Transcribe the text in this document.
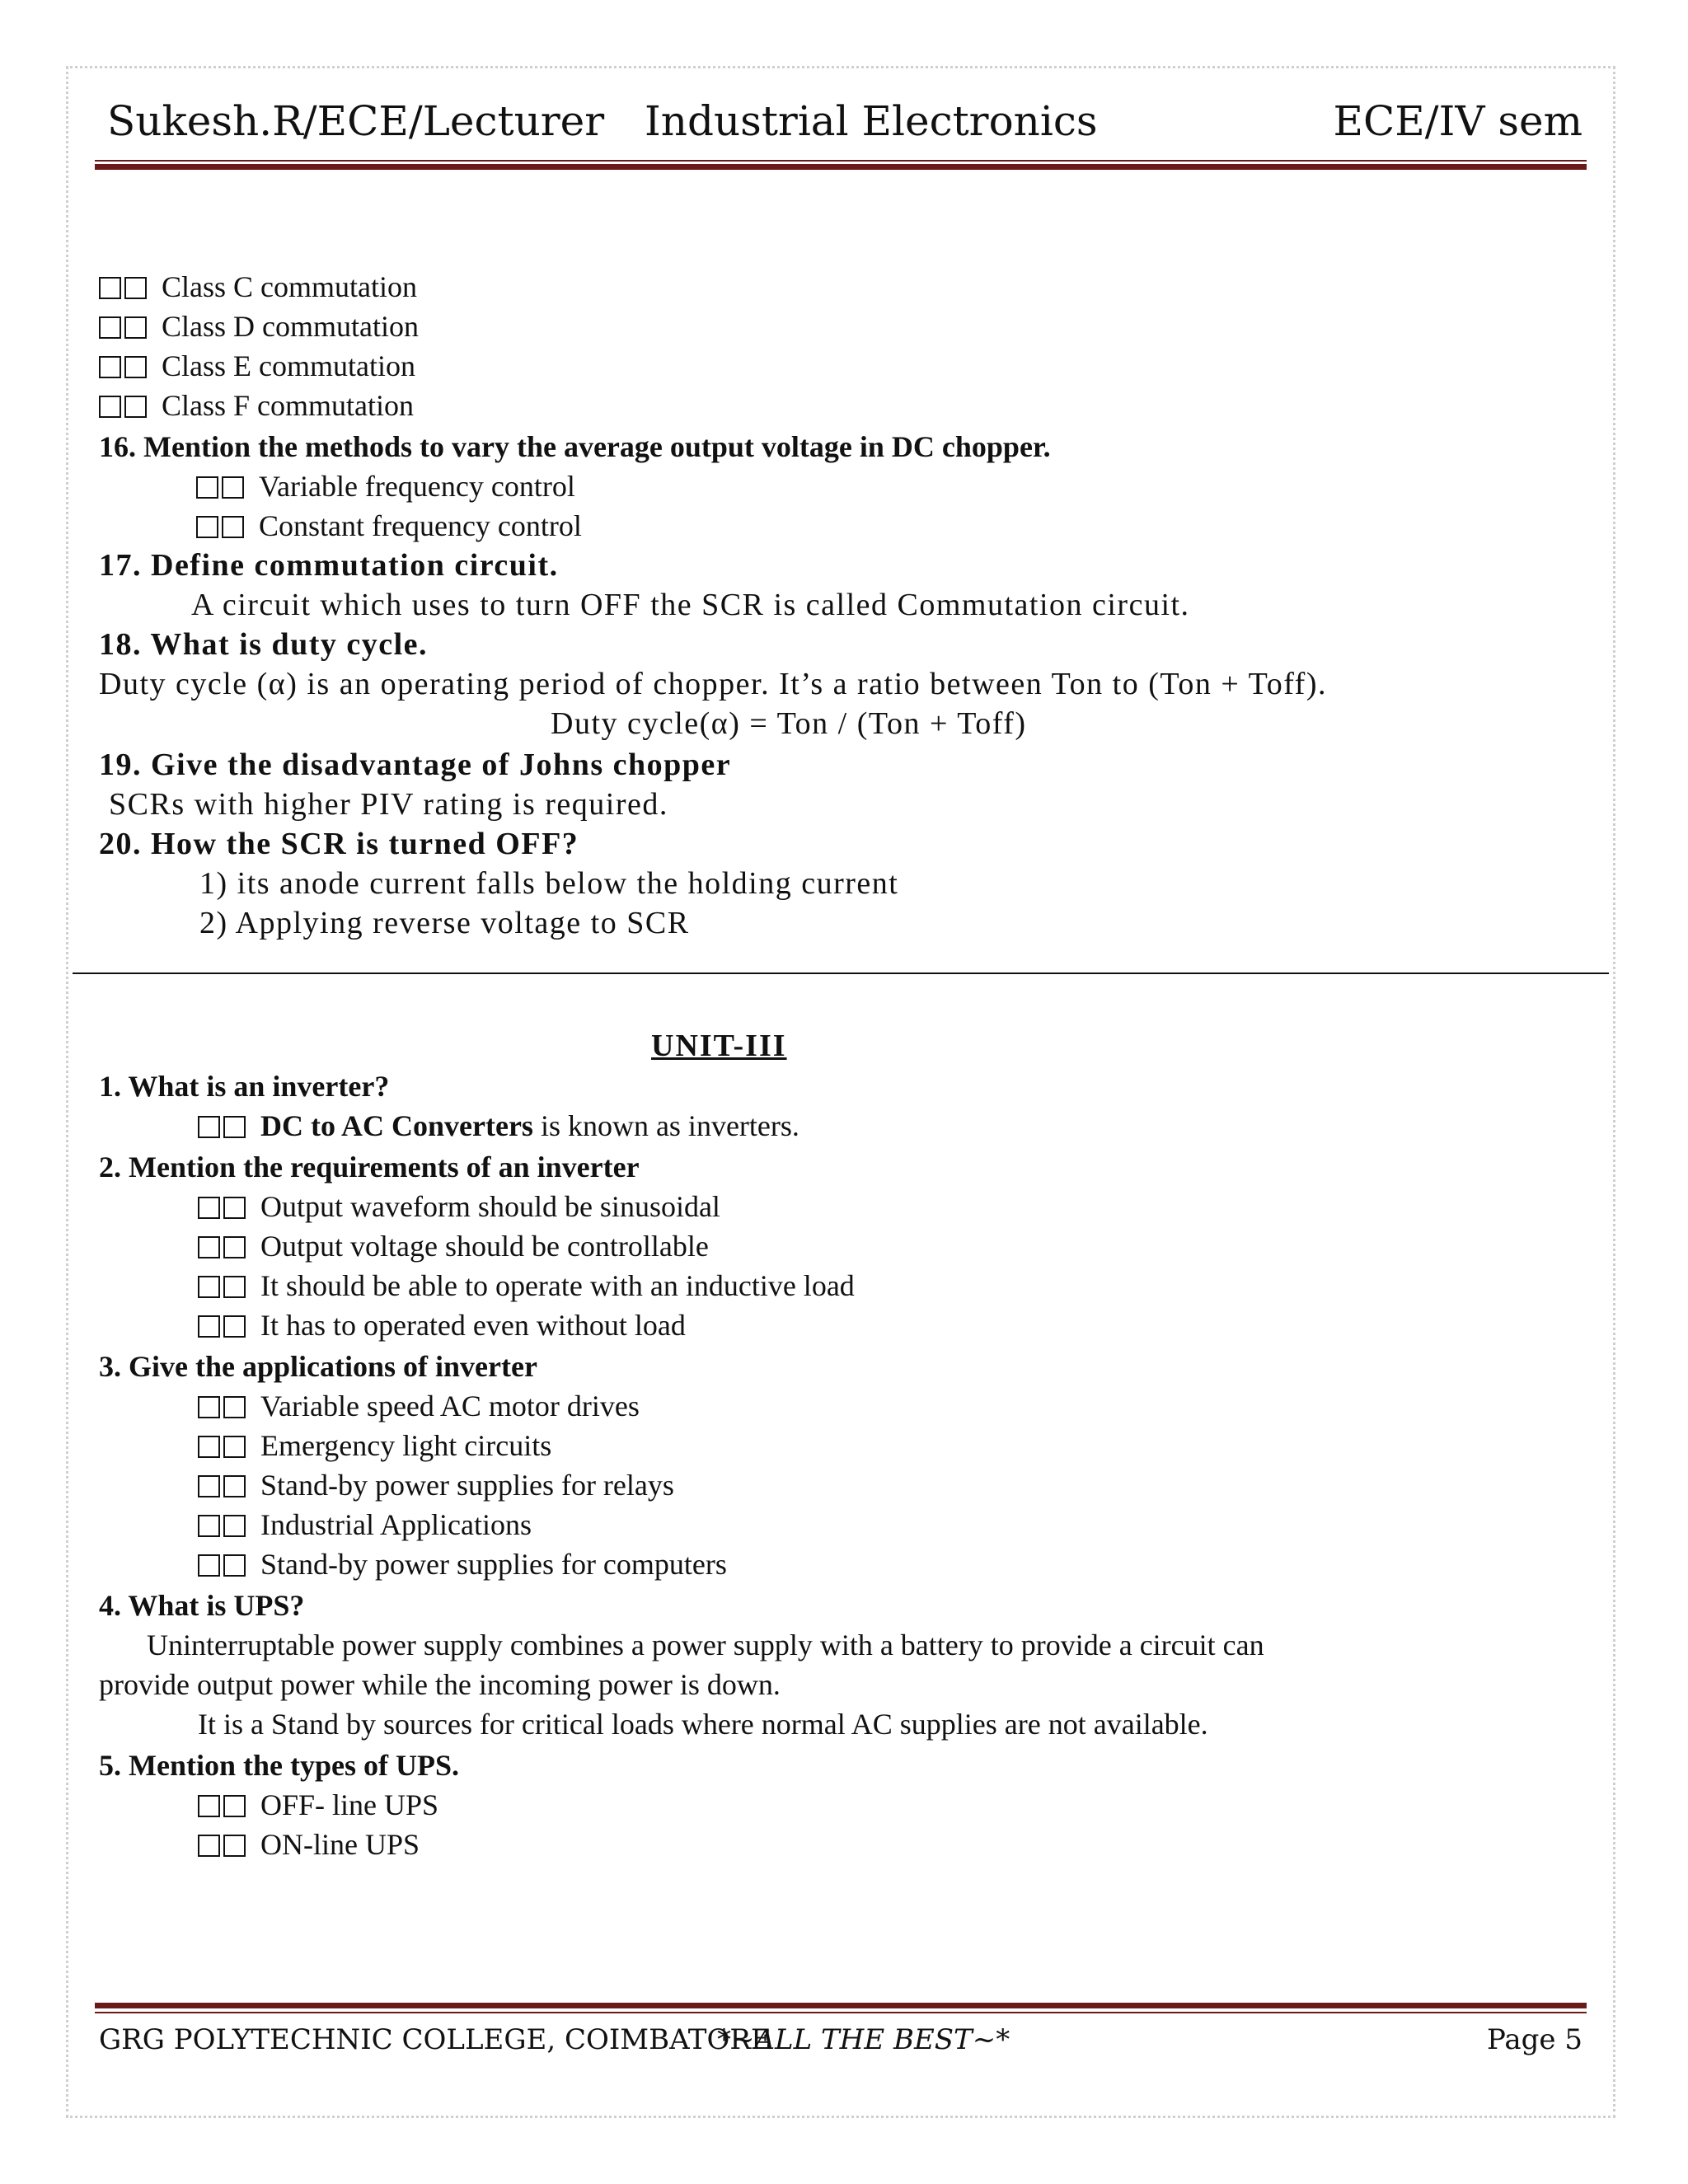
Sukesh.R/ECE/Lecturer Industrial Electronics	ECE/IV sem
Class C commutation
Class D commutation
Class E commutation
Class F commutation
16. Mention the methods to vary the average output voltage in DC chopper.
Variable frequency control
Constant frequency control
17. Define commutation circuit.
A circuit which uses to turn OFF the SCR is called Commutation circuit.
18. What is duty cycle.
Duty cycle (α) is an operating period of chopper. It’s a ratio between Ton to (Ton + Toff).
Duty cycle(α) = Ton / (Ton + Toff)
19. Give the disadvantage of Johns chopper
SCRs with higher PIV rating is required.
20. How the SCR is turned OFF?
1) its anode current falls below the holding current
2) Applying reverse voltage to SCR
UNIT-III
1. What is an inverter?
DC to AC Converters is known as inverters.
2. Mention the requirements of an inverter
Output waveform should be sinusoidal
Output voltage should be controllable
It should be able to operate with an inductive load
It has to operated even without load
3. Give the applications of inverter
Variable speed AC motor drives
Emergency light circuits
Stand-by power supplies for relays
Industrial Applications
Stand-by power supplies for computers
4. What is UPS?
Uninterruptable power supply combines a power supply with a battery to provide a circuit can
provide output power while the incoming power is down.
It is a Stand by sources for critical loads where normal AC supplies are not available.
5. Mention the types of UPS.
OFF- line UPS
ON-line UPS
GRG POLYTECHNIC COLLEGE, COIMBATORE
*~ALL THE BEST~*	Page 5
